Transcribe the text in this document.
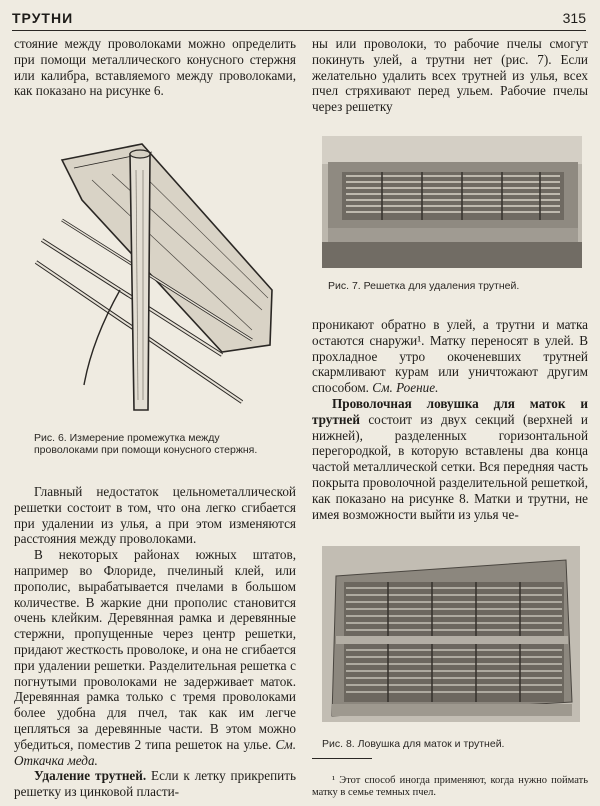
ТРУТНИ	315

стояние между проволоками можно определить при помощи металлического конусного стержня или калибра, вставляемого между проволоками, как показано на рисунке 6.

Рис. 6. Измерение промежутка между проволоками при помощи конусного стержня.

Главный недостаток цельнометаллической решетки состоит в том, что она легко сгибается при удалении из улья, а при этом изменяются расстояния между проволоками.

В некоторых районах южных штатов, например во Флориде, пчелиный клей, или прополис, вырабатывается пчелами в большом количестве. В жаркие дни прополис становится очень клейким. Деревянная рамка и деревянные стержни, пропущенные через центр решетки, придают жесткость проволоке, и она не сгибается при удалении решетки. Разделительная решетка с погнутыми проволоками не задерживает маток. Деревянная рамка только с тремя проволоками более удобна для пчел, так как им легче цепляться за деревянные части. В этом можно убедиться, поместив 2 типа решеток на улье. См. Откачка меда.

Удаление трутней. Если к летку прикрепить решетку из цинковой пласти-

ны или проволоки, то рабочие пчелы смогут покинуть улей, а трутни нет (рис. 7). Если желательно удалить всех трутней из улья, всех пчел стряхивают перед ульем. Рабочие пчелы через решетку

Рис. 7. Решетка для удаления трутней.

проникают обратно в улей, а трутни и матка остаются снаружи¹. Матку переносят в улей. В прохладное утро окоченевших трутней скармливают курам или уничтожают другим способом. См. Роение.

Проволочная ловушка для маток и трутней состоит из двух секций (верхней и нижней), разделенных горизонтальной перегородкой, в которую вставлены два конца частой металлической сетки. Вся передняя часть покрыта проволочной разделительной решеткой, как показано на рисунке 8. Матки и трутни, не имея возможности выйти из улья че-

Рис. 8. Ловушка для маток и трутней.

¹ Этот способ иногда применяют, когда нужно поймать матку в семье темных пчел.
